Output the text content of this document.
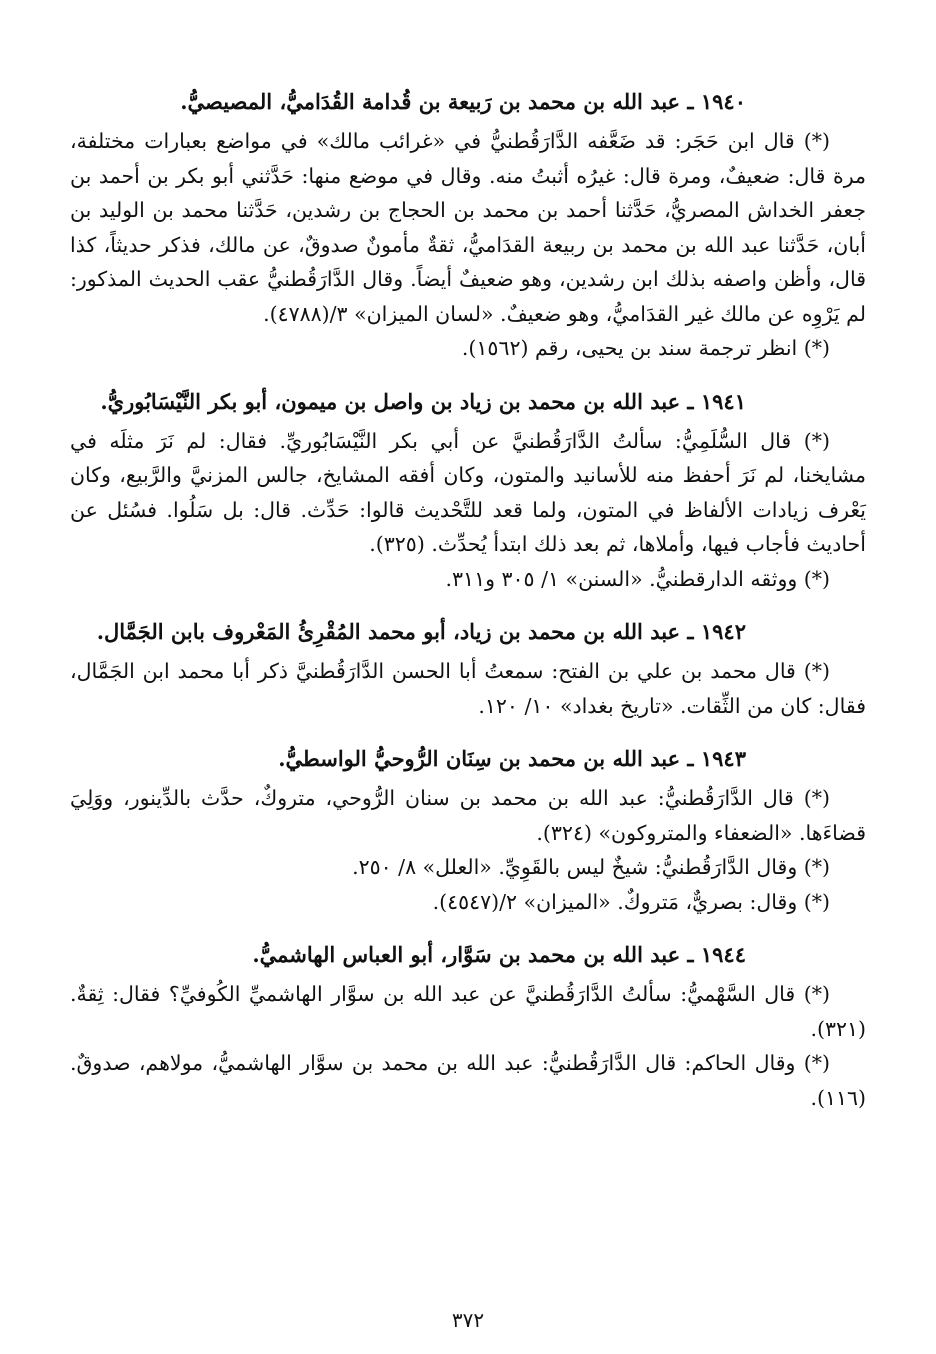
١٩٤٠ ـ عبد الله بن محمد بن رَبيعة بن قُدامة القُدَاميُّ، المصيصيُّ.

(*) قال ابن حَجَر: قد ضَعَّفه الدَّارَقُطنيُّ في «غرائب مالك» في مواضع بعبارات مختلفة، مرة قال: ضعيفٌ، ومرة قال: غيرُه أثبتُ منه. وقال في موضع منها: حَدَّثني أبو بكر بن أحمد بن جعفر الخداش المصريُّ، حَدَّثنا أحمد بن محمد بن الحجاج بن رشدين، حَدَّثنا محمد بن الوليد بن أبان، حَدَّثنا عبد الله بن محمد بن ربيعة القدَاميُّ، ثقةٌ مأمونٌ صدوقٌ، عن مالك، فذكر حديثاً، كذا قال، وأظن واصفه بذلك ابن رشدين، وهو ضعيفٌ أيضاً. وقال الدَّارَقُطنيُّ عقب الحديث المذكور: لم يَرْوِه عن مالك غير القدَاميُّ، وهو ضعيفٌ. «لسان الميزان» ٣/(٤٧٨٨).

(*) انظر ترجمة سند بن يحيى، رقم (١٥٦٢).

١٩٤١ ـ عبد الله بن محمد بن زياد بن واصل بن ميمون، أبو بكر النَّيْسَابُوريُّ.

(*) قال السُّلَمِيُّ: سألتُ الدَّارَقُطنيَّ عن أبي بكر النَّيْسَابُوريِّ. فقال: لم نَرَ مثلَه في مشايخنا، لم نَرَ أحفظ منه للأسانيد والمتون، وكان أفقه المشايخ، جالس المزنيَّ والرَّبيع، وكان يَعْرف زيادات الألفاظ في المتون، ولما قعد للتَّحْديث قالوا: حَدِّث. قال: بل سَلُوا. فسُئل عن أحاديث فأجاب فيها، وأملاها، ثم بعد ذلك ابتدأ يُحدِّث. (٣٢٥).

(*) ووثقه الدارقطنيُّ. «السنن» ١/ ٣٠٥ و٣١١.

١٩٤٢ ـ عبد الله بن محمد بن زياد، أبو محمد المُقْرِئُ المَعْروف بابن الجَمَّال.

(*) قال محمد بن علي بن الفتح: سمعتُ أبا الحسن الدَّارَقُطنيَّ ذكر أبا محمد ابن الجَمَّال، فقال: كان من الثِّقات. «تاريخ بغداد» ١٠/ ١٢٠.

١٩٤٣ ـ عبد الله بن محمد بن سِنَان الرُّوحيُّ الواسطيُّ.

(*) قال الدَّارَقُطنيُّ: عبد الله بن محمد بن سنان الرُّوحي، متروكٌ، حدَّث بالدِّينور، ووَلِيَ قضاءَها. «الضعفاء والمتروكون» (٣٢٤).

(*) وقال الدَّارَقُطنيُّ: شيخٌ ليس بالقَوِيِّ. «العلل» ٨/ ٢٥٠.

(*) وقال: بصريٌّ، مَتروكٌ. «الميزان» ٢/(٤٥٤٧).

١٩٤٤ ـ عبد الله بن محمد بن سَوَّار، أبو العباس الهاشميُّ.

(*) قال السَّهْميُّ: سألتُ الدَّارَقُطنيَّ عن عبد الله بن سوَّار الهاشميِّ الكُوفيِّ؟ فقال: ثِقةٌ. (٣٢١).

(*) وقال الحاكم: قال الدَّارَقُطنيُّ: عبد الله بن محمد بن سوَّار الهاشميُّ، مولاهم، صدوقٌ. (١١٦).

٣٧٢
